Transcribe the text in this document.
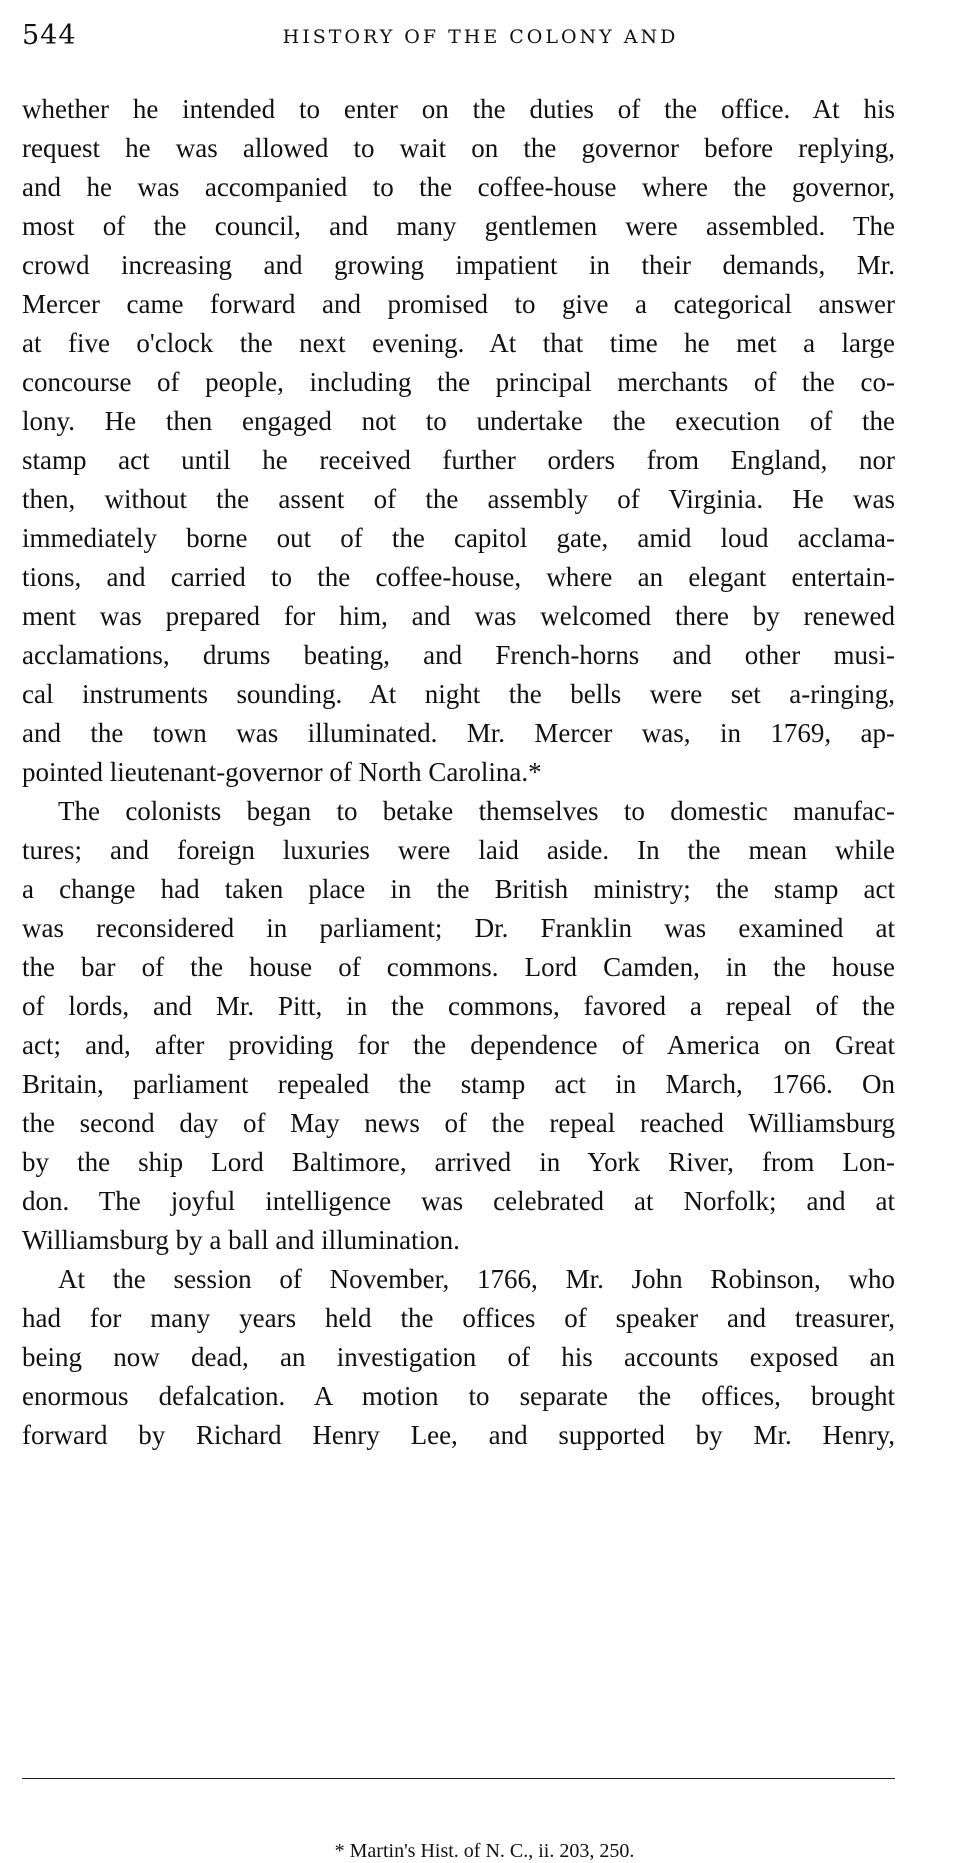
544	HISTORY OF THE COLONY AND
whether he intended to enter on the duties of the office. At his
request he was allowed to wait on the governor before replying,
and he was accompanied to the coffee-house where the governor,
most of the council, and many gentlemen were assembled. The
crowd increasing and growing impatient in their demands, Mr.
Mercer came forward and promised to give a categorical answer
at five o'clock the next evening. At that time he met a large
concourse of people, including the principal merchants of the co-
lony. He then engaged not to undertake the execution of the
stamp act until he received further orders from England, nor
then, without the assent of the assembly of Virginia. He was
immediately borne out of the capitol gate, amid loud acclama-
tions, and carried to the coffee-house, where an elegant entertain-
ment was prepared for him, and was welcomed there by renewed
acclamations, drums beating, and French-horns and other musi-
cal instruments sounding. At night the bells were set a-ringing,
and the town was illuminated. Mr. Mercer was, in 1769, ap-
pointed lieutenant-governor of North Carolina.*
The colonists began to betake themselves to domestic manufac-
tures; and foreign luxuries were laid aside. In the mean while
a change had taken place in the British ministry; the stamp act
was reconsidered in parliament; Dr. Franklin was examined at
the bar of the house of commons. Lord Camden, in the house
of lords, and Mr. Pitt, in the commons, favored a repeal of the
act; and, after providing for the dependence of America on Great
Britain, parliament repealed the stamp act in March, 1766. On
the second day of May news of the repeal reached Williamsburg
by the ship Lord Baltimore, arrived in York River, from Lon-
don. The joyful intelligence was celebrated at Norfolk; and at
Williamsburg by a ball and illumination.
At the session of November, 1766, Mr. John Robinson, who
had for many years held the offices of speaker and treasurer,
being now dead, an investigation of his accounts exposed an
enormous defalcation. A motion to separate the offices, brought
forward by Richard Henry Lee, and supported by Mr. Henry,
* Martin's Hist. of N. C., ii. 203, 250.
